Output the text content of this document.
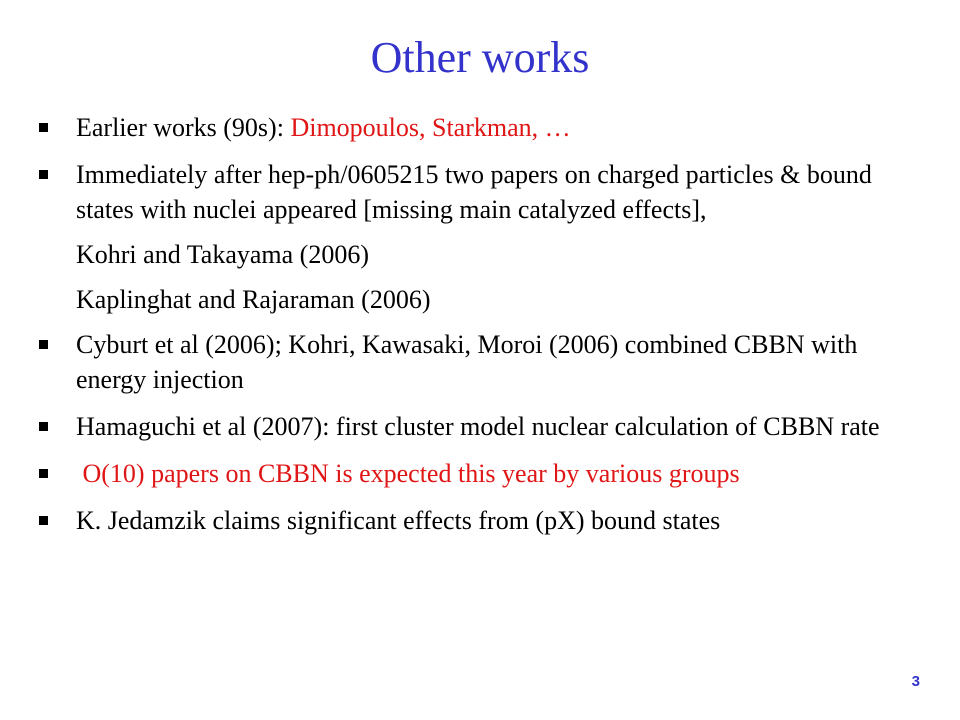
Other works
Earlier works (90s): Dimopoulos, Starkman, …
Immediately after hep-ph/0605215 two papers on charged particles & bound states with nuclei appeared [missing main catalyzed effects],
Kohri and Takayama (2006)
Kaplinghat and Rajaraman (2006)
Cyburt et al (2006); Kohri, Kawasaki, Moroi (2006) combined CBBN with energy injection
Hamaguchi et al (2007): first cluster model nuclear calculation of CBBN rate
O(10) papers on CBBN is expected this year by various groups
K. Jedamzik claims significant effects from (pX) bound states
3
